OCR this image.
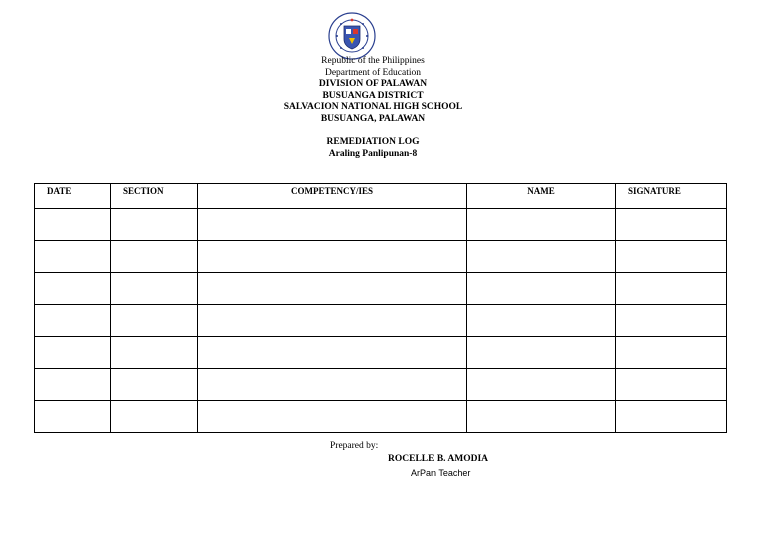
Republic of the Philippines
Department of Education
DIVISION OF PALAWAN
BUSUANGA DISTRICT
SALVACION NATIONAL HIGH SCHOOL
BUSUANGA, PALAWAN
REMEDIATION LOG
Araling Panlipunan-8
DATE	SECTION	COMPETENCY/IES	NAME	SIGNATURE

Prepared by:
ROCELLE B. AMODIA
ArPan Teacher
